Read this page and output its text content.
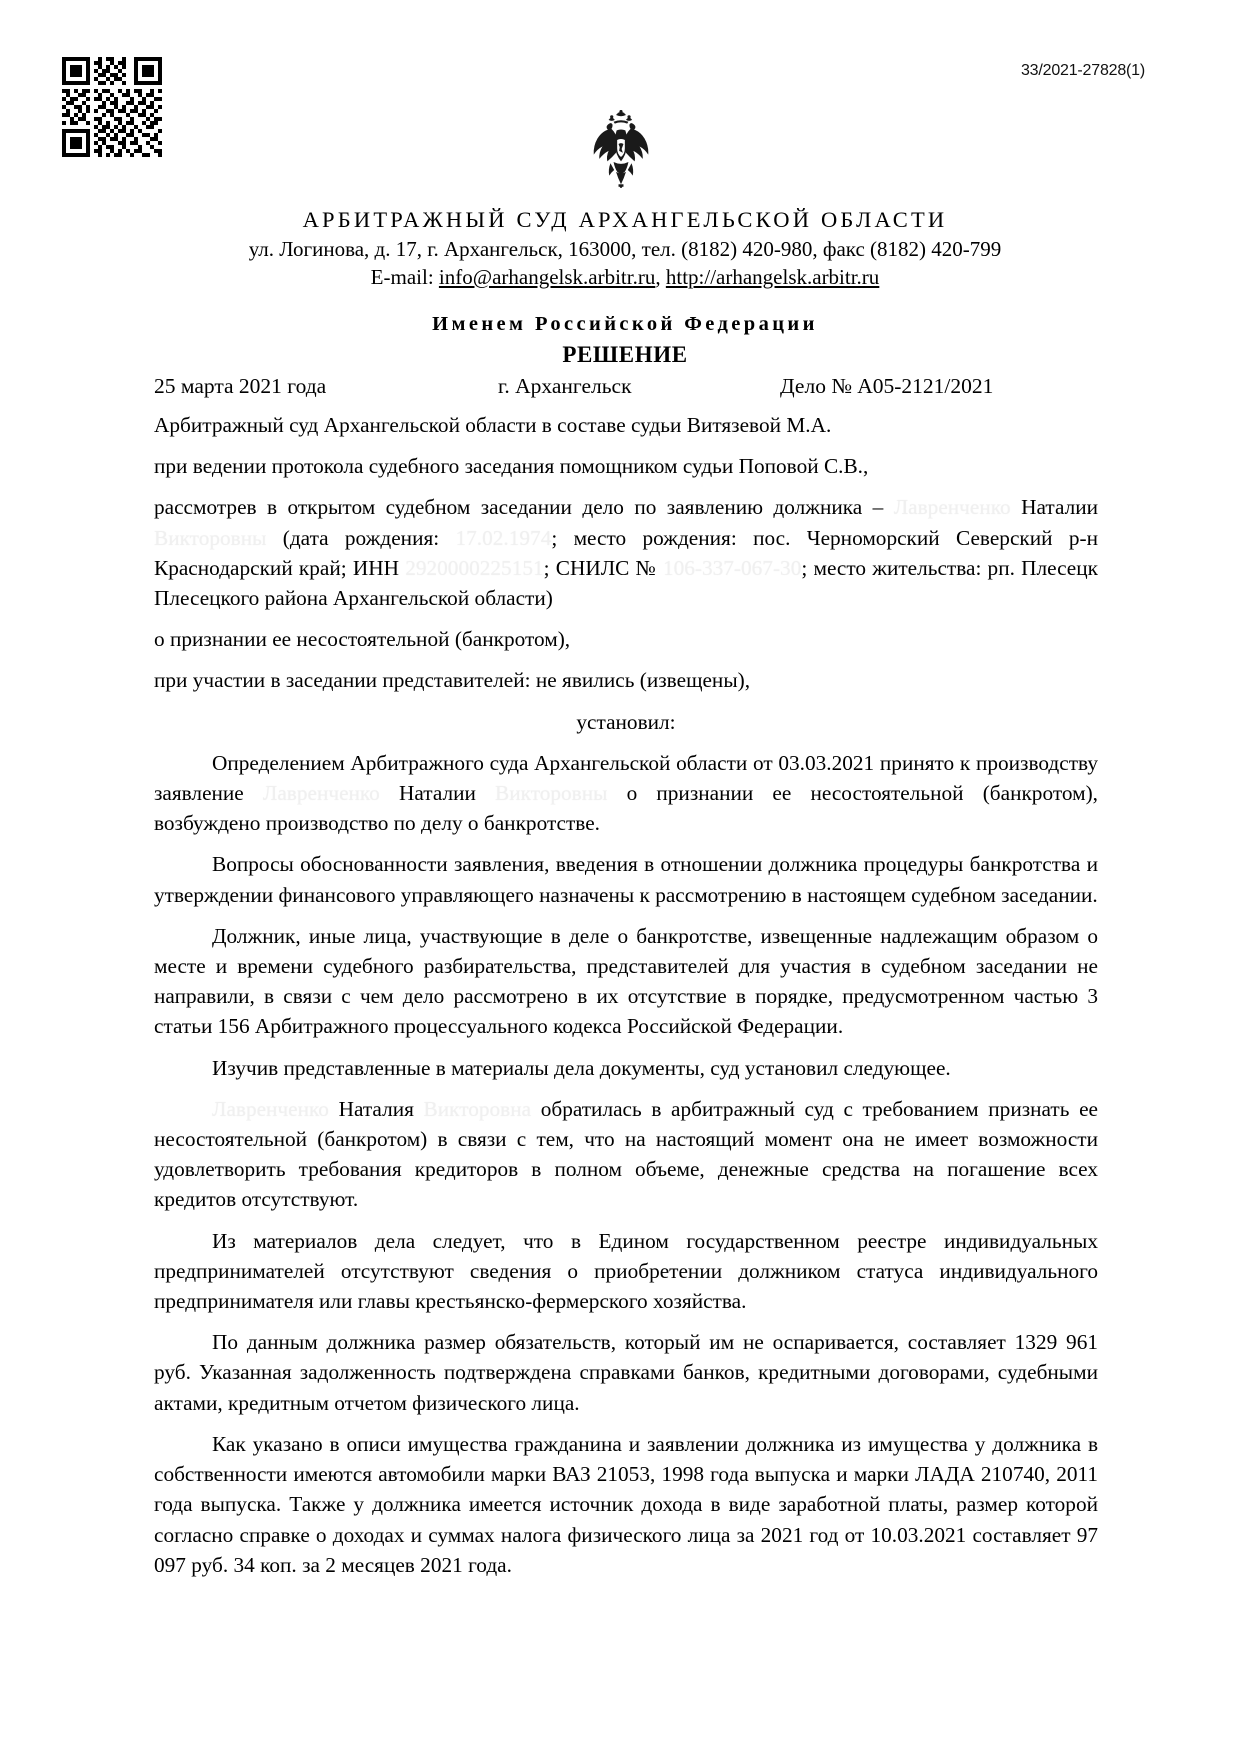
33/2021-27828(1)
АРБИТРАЖНЫЙ СУД АРХАНГЕЛЬСКОЙ ОБЛАСТИ
ул. Логинова, д. 17, г. Архангельск, 163000, тел. (8182) 420-980, факс (8182) 420-799
E-mail: info@arhangelsk.arbitr.ru, http://arhangelsk.arbitr.ru
Именем Российской Федерации
РЕШЕНИЕ
25 марта 2021 года	г. Архангельск	Дело № А05-2121/2021

Арбитражный суд Архангельской области в составе судьи Витязевой М.А.

при ведении протокола судебного заседания помощником судьи Поповой С.В.,

рассмотрев в открытом судебном заседании дело по заявлению должника – Лавренченко Наталии Викторовны (дата рождения: 17.02.1974; место рождения: пос. Черноморский Северский р-н Краснодарский край; ИНН 2920000225151; СНИЛС № 106-337-067-30; место жительства: рп. Плесецк Плесецкого района Архангельской области)

о признании ее несостоятельной (банкротом),

при участии в заседании представителей: не явились (извещены),

установил:

Определением Арбитражного суда Архангельской области от 03.03.2021 принято к производству заявление Лавренченко Наталии Викторовны о признании ее несостоятельной (банкротом), возбуждено производство по делу о банкротстве.

Вопросы обоснованности заявления, введения в отношении должника процедуры банкротства и утверждении финансового управляющего назначены к рассмотрению в настоящем судебном заседании.

Должник, иные лица, участвующие в деле о банкротстве, извещенные надлежащим образом о месте и времени судебного разбирательства, представителей для участия в судебном заседании не направили, в связи с чем дело рассмотрено в их отсутствие в порядке, предусмотренном частью 3 статьи 156 Арбитражного процессуального кодекса Российской Федерации.

Изучив представленные в материалы дела документы, суд установил следующее.

Лавренченко Наталия Викторовна обратилась в арбитражный суд с требованием признать ее несостоятельной (банкротом) в связи с тем, что на настоящий момент она не имеет возможности удовлетворить требования кредиторов в полном объеме, денежные средства на погашение всех кредитов отсутствуют.

Из материалов дела следует, что в Едином государственном реестре индивидуальных предпринимателей отсутствуют сведения о приобретении должником статуса индивидуального предпринимателя или главы крестьянско-фермерского хозяйства.

По данным должника размер обязательств, который им не оспаривается, составляет 1329 961 руб. Указанная задолженность подтверждена справками банков, кредитными договорами, судебными актами, кредитным отчетом физического лица.

Как указано в описи имущества гражданина и заявлении должника из имущества у должника в собственности имеются автомобили марки ВАЗ 21053, 1998 года выпуска и марки ЛАДА 210740, 2011 года выпуска. Также у должника имеется источник дохода в виде заработной платы, размер которой согласно справке о доходах и суммах налога физического лица за 2021 год от 10.03.2021 составляет 97 097 руб. 34 коп. за 2 месяцев 2021 года.
